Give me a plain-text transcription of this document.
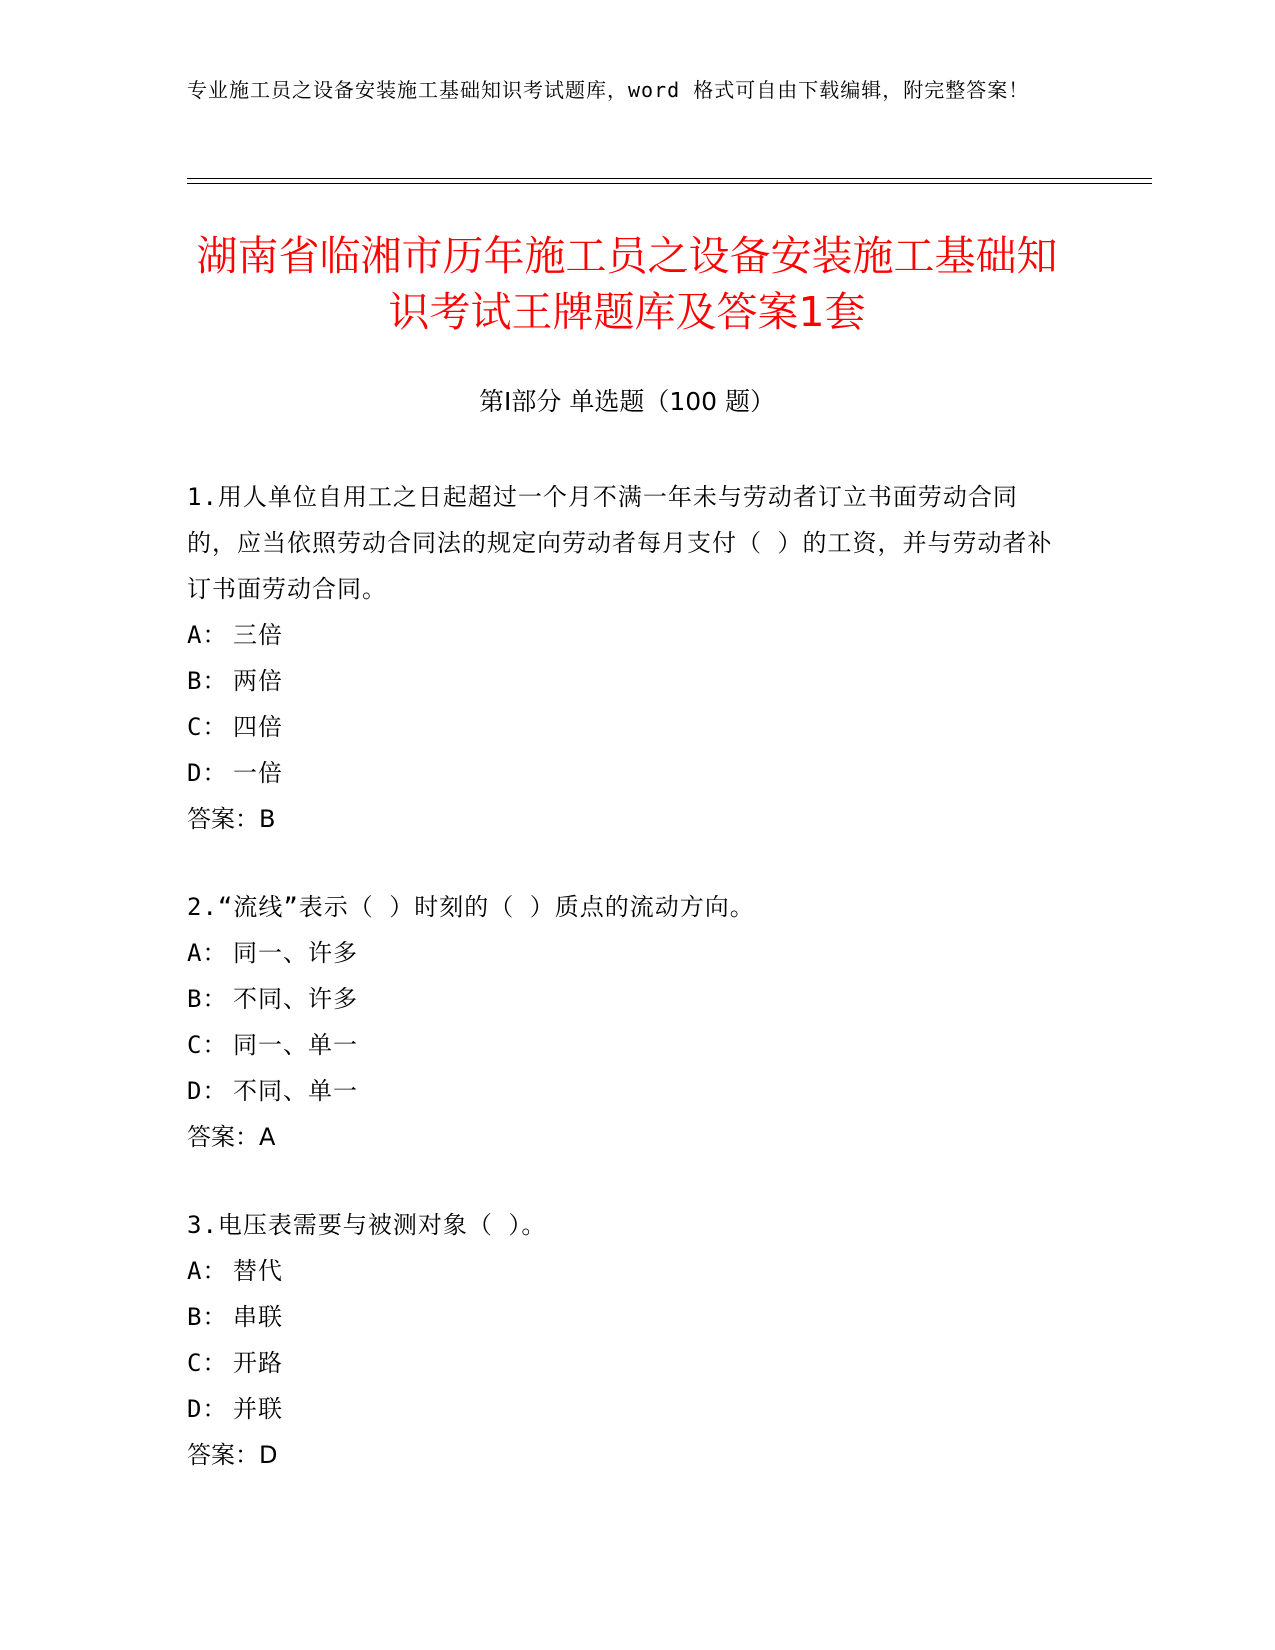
专业施工员之设备安装施工基础知识考试题库，word 格式可自由下载编辑，附完整答案！
湖南省临湘市历年施工员之设备安装施工基础知识考试王牌题库及答案1套
第Ⅰ部分 单选题（100 题）
1.用人单位自用工之日起超过一个月不满一年未与劳动者订立书面劳动合同的，应当依照劳动合同法的规定向劳动者每月支付（ ）的工资，并与劳动者补订书面劳动合同。
A： 三倍
B： 两倍
C： 四倍
D： 一倍
答案：B
2.“流线”表示（ ）时刻的（ ）质点的流动方向。
A： 同一、许多
B： 不同、许多
C： 同一、单一
D： 不同、单一
答案：A
3.电压表需要与被测对象（ ）。
A： 替代
B： 串联
C： 开路
D： 并联
答案：D
